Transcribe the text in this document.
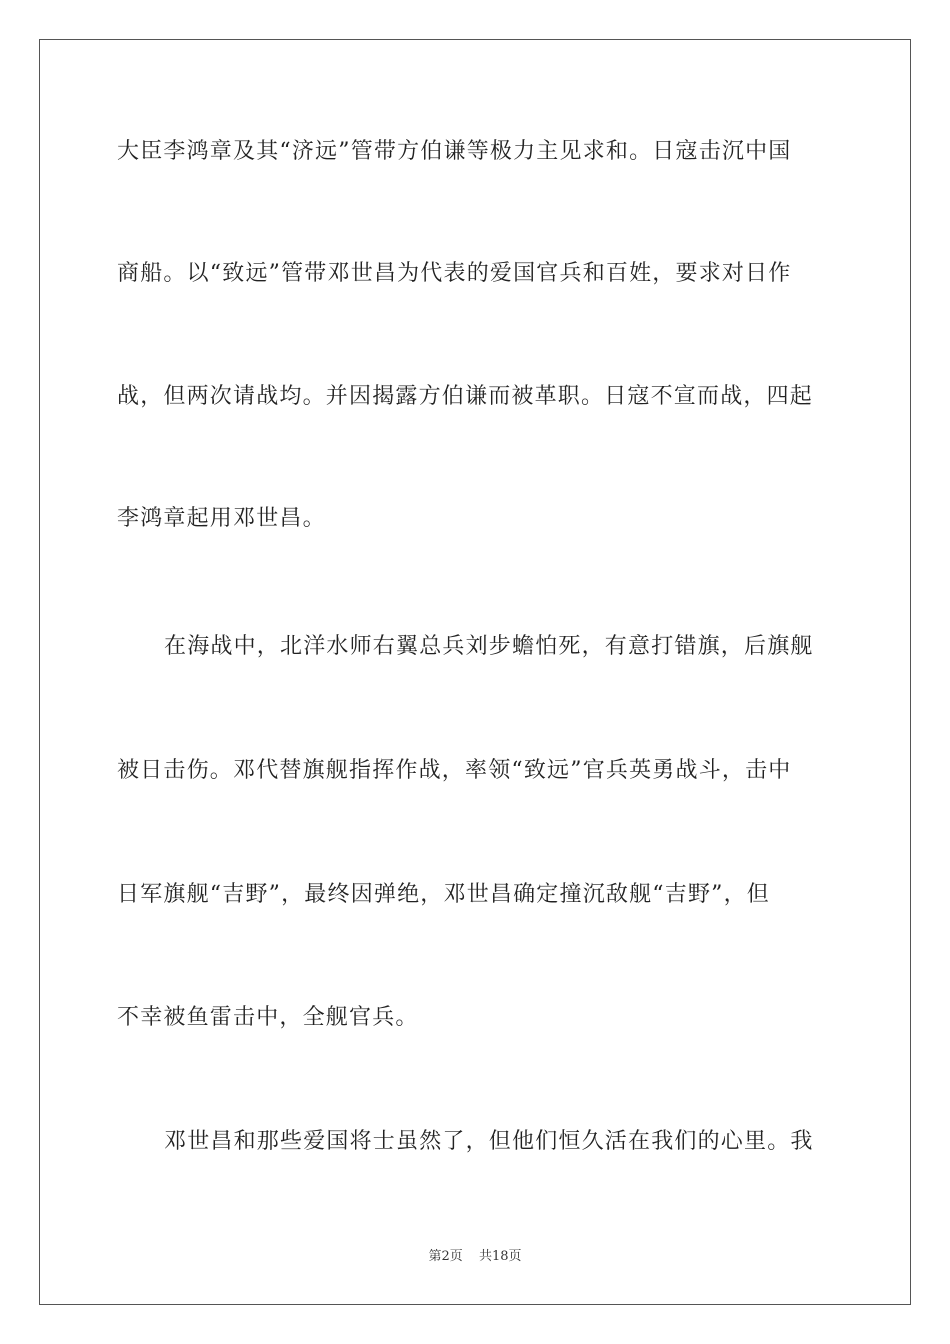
大臣李鸿章及其“济远”管带方伯谦等极力主见求和。日寇击沉中国
商船。以“致远”管带邓世昌为代表的爱国官兵和百姓，要求对日作
战，但两次请战均。并因揭露方伯谦而被革职。日寇不宣而战，四起
李鸿章起用邓世昌。
在海战中，北洋水师右翼总兵刘步蟾怕死，有意打错旗，后旗舰
被日击伤。邓代替旗舰指挥作战，率领“致远”官兵英勇战斗，击中
日军旗舰“吉野”，最终因弹绝，邓世昌确定撞沉敌舰“吉野”，但
不幸被鱼雷击中，全舰官兵。
邓世昌和那些爱国将士虽然了，但他们恒久活在我们的心里。我
第2页 共18页
